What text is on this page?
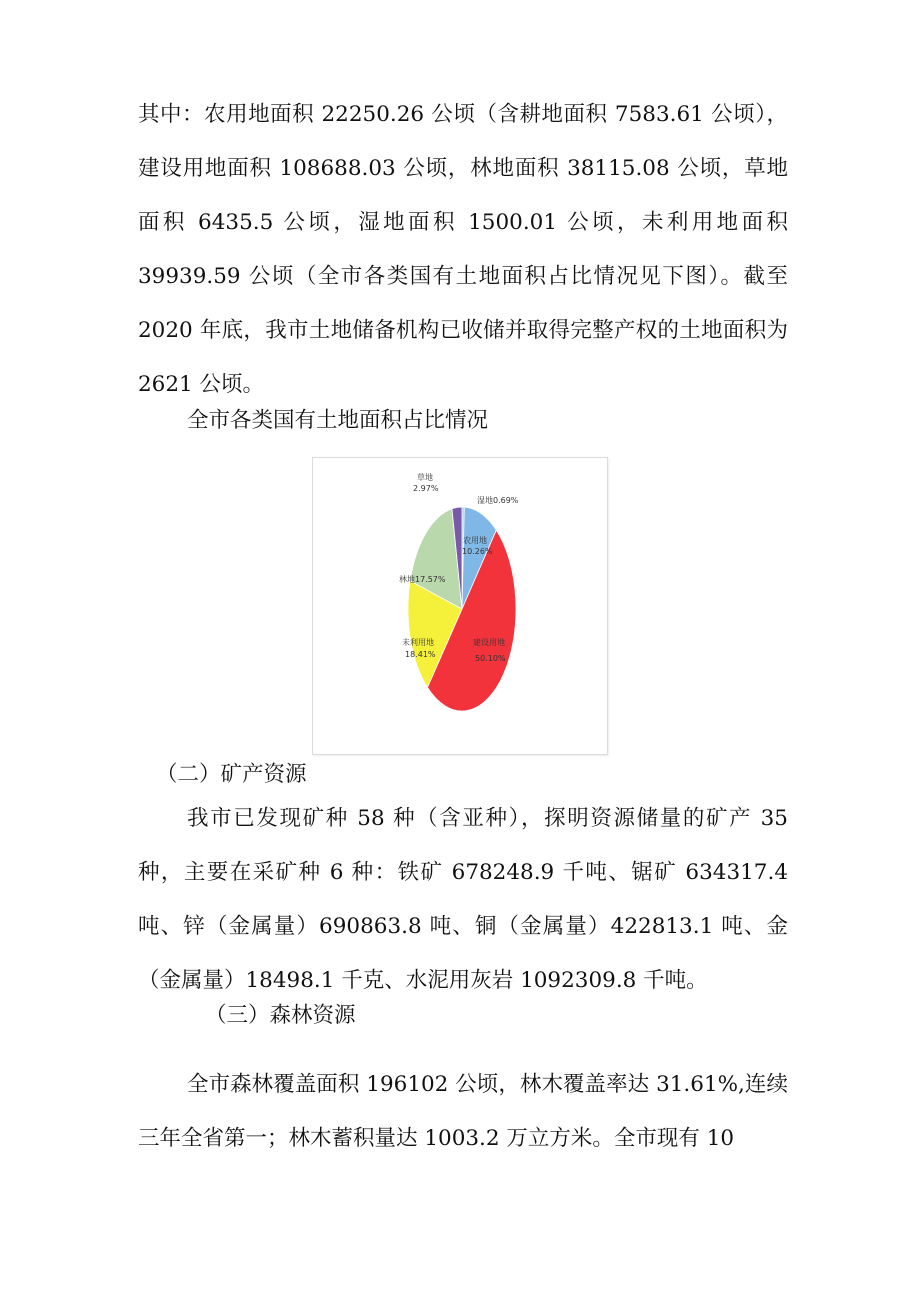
其中：农用地面积 22250.26 公顷（含耕地面积 7583.61 公顷），建设用地面积 108688.03 公顷，林地面积 38115.08 公顷，草地面积 6435.5 公顷，湿地面积 1500.01 公顷，未利用地面积 39939.59 公顷（全市各类国有土地面积占比情况见下图）。截至 2020 年底，我市土地储备机构已收储并取得完整产权的土地面积为 2621 公顷。

全市各类国有土地面积占比情况

草地
2.97%
湿地0.69%
农用地
10.26%
林地17.57%
未利用地
18.41%
建设用地
50.10%

（二）矿产资源

我市已发现矿种 58 种（含亚种），探明资源储量的矿产 35 种，主要在采矿种 6 种：铁矿 678248.9 千吨、锯矿 634317.4 吨、锌（金属量）690863.8 吨、铜（金属量）422813.1 吨、金（金属量）18498.1 千克、水泥用灰岩 1092309.8 千吨。

（三）森林资源

全市森林覆盖面积 196102 公顷，林木覆盖率达 31.61%,连续三年全省第一；林木蓄积量达 1003.2 万立方米。全市现有 10
